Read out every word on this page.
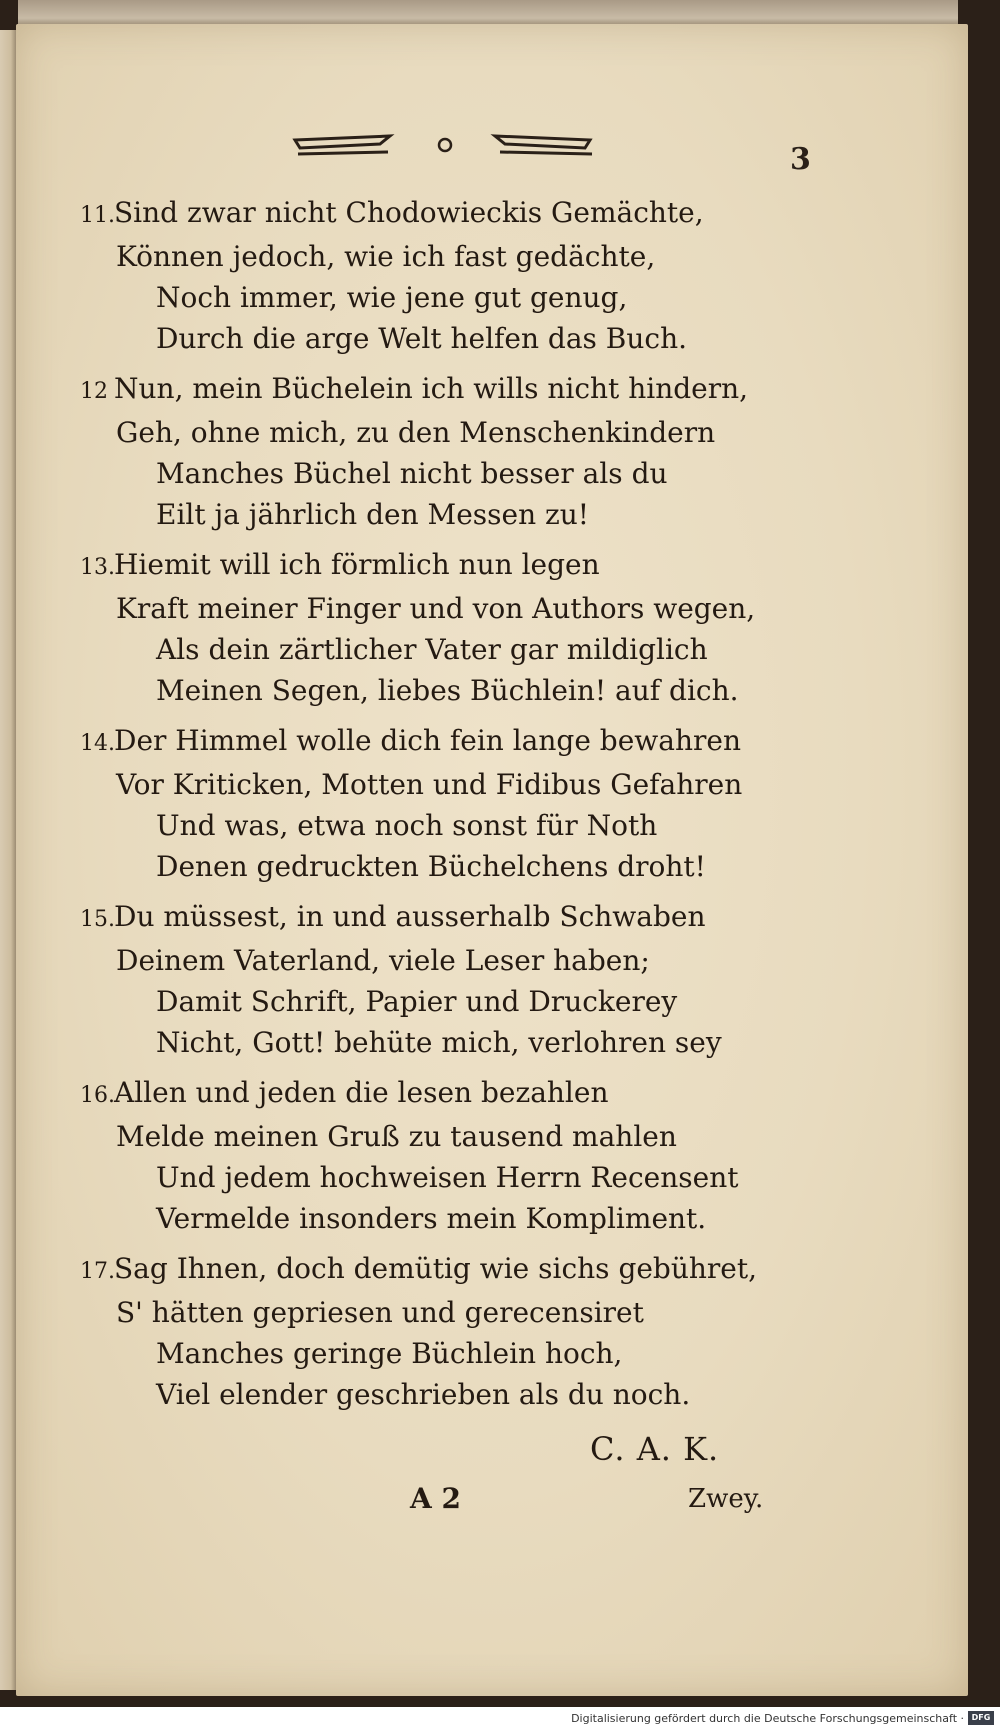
3
11.Sind zwar nicht Chodowieckis Gemächte,
Können jedoch, wie ich fast gedächte,
Noch immer, wie jene gut genug,
Durch die arge Welt helfen das Buch.
12 Nun, mein Büchelein ich wills nicht hindern,
Geh, ohne mich, zu den Menschenkindern
Manches Büchel nicht besser als du
Eilt ja jährlich den Messen zu!
13.Hiemit will ich förmlich nun legen
Kraft meiner Finger und von Authors wegen,
Als dein zärtlicher Vater gar mildiglich
Meinen Segen, liebes Büchlein! auf dich.
14.Der Himmel wolle dich fein lange bewahren
Vor Kriticken, Motten und Fidibus Gefahren
Und was, etwa noch sonst für Noth
Denen gedruckten Büchelchens droht!
15.Du müssest, in und ausserhalb Schwaben
Deinem Vaterland, viele Leser haben;
Damit Schrift, Papier und Druckerey
Nicht, Gott! behüte mich, verlohren sey
16.Allen und jeden die lesen bezahlen
Melde meinen Gruß zu tausend mahlen
Und jedem hochweisen Herrn Recensent
Vermelde insonders mein Kompliment.
17.Sag Ihnen, doch demütig wie sichs gebühret,
S' hätten gepriesen und gerecensiret
Manches geringe Büchlein hoch,
Viel elender geschrieben als du noch.
C. A. K.
A 2	Zwey.
Digitalisierung gefördert durch die Deutsche Forschungsgemeinschaft · DFG
